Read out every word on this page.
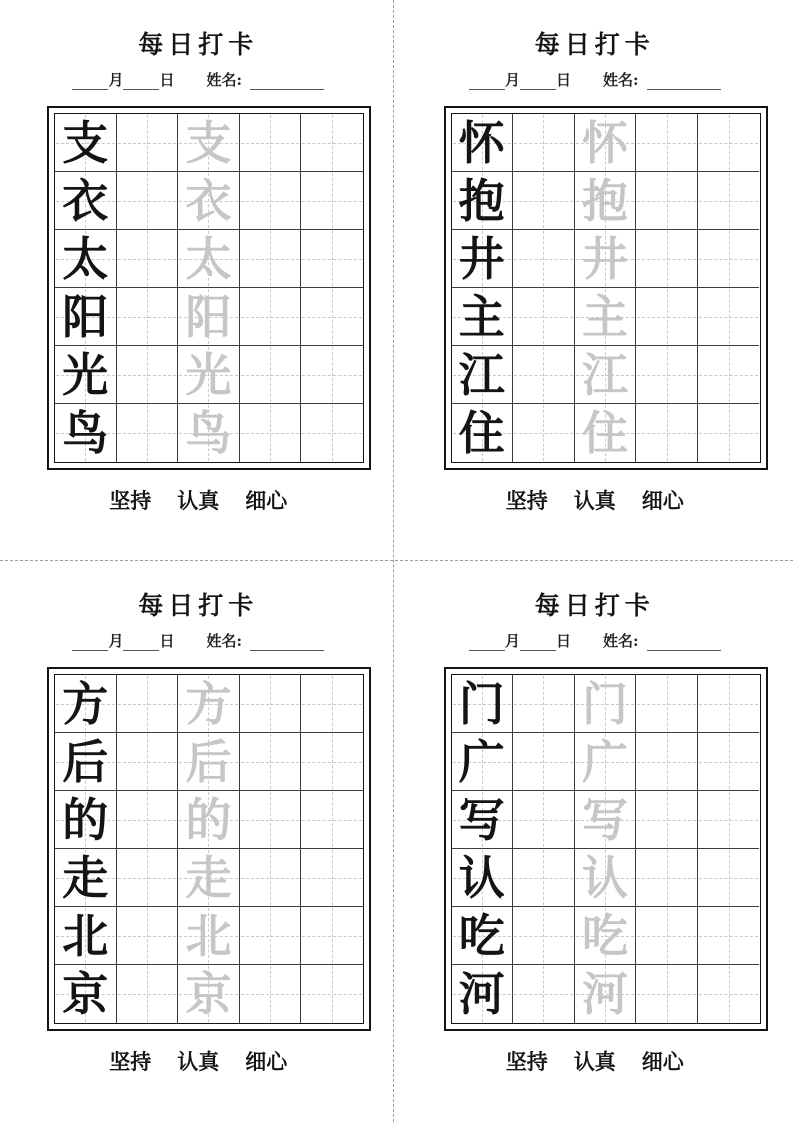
每日打卡
月 日 姓名:
支 支
衣 衣
太 太
阳 阳
光 光
鸟 鸟
坚持 认真 细心
每日打卡
月 日 姓名:
怀 怀
抱 抱
井 井
主 主
江 江
住 住
坚持 认真 细心
每日打卡
月 日 姓名:
方 方
后 后
的 的
走 走
北 北
京 京
坚持 认真 细心
每日打卡
月 日 姓名:
门 门
广 广
写 写
认 认
吃 吃
河 河
坚持 认真 细心
